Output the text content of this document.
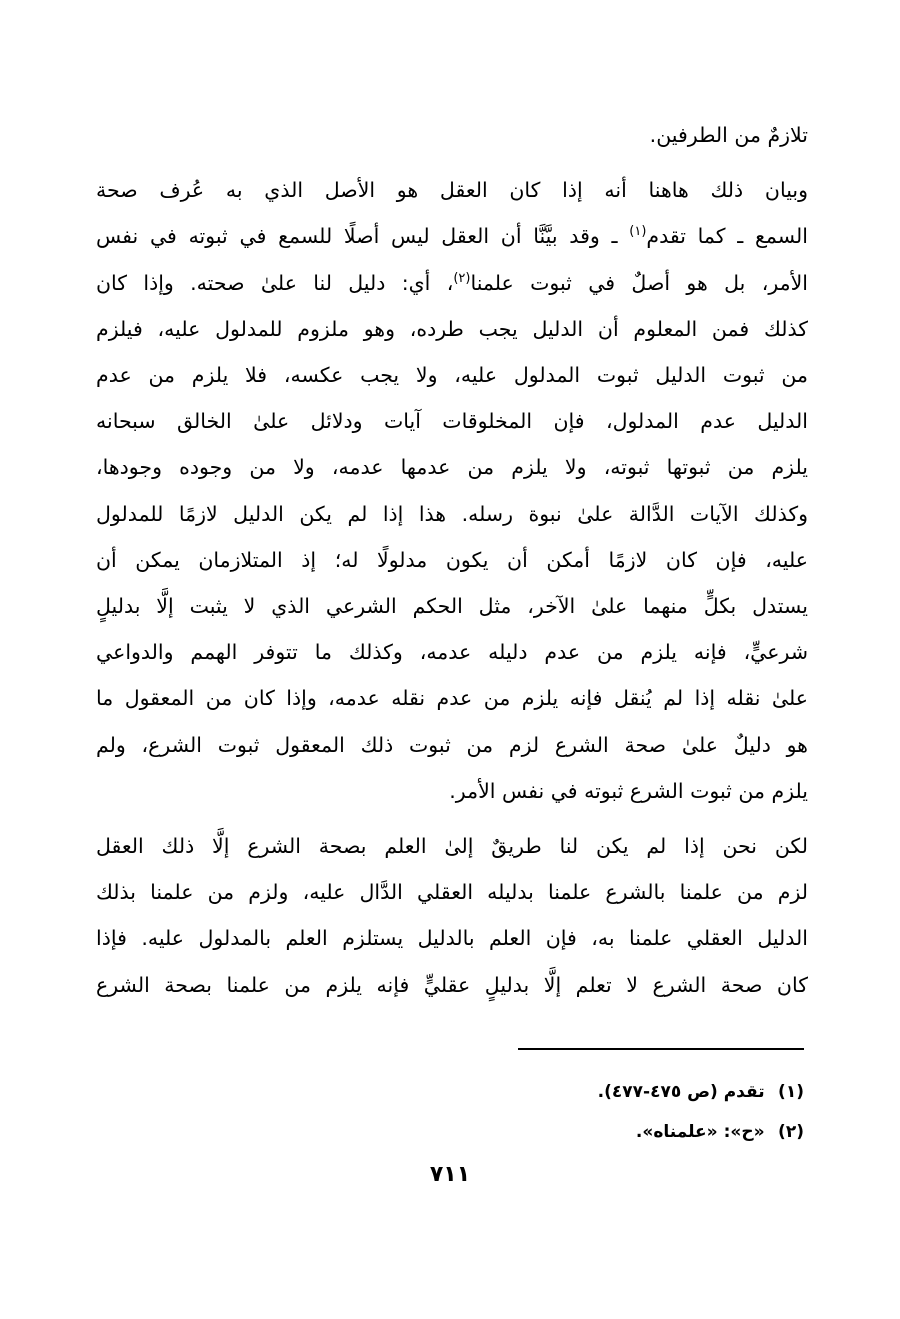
تلازمٌ من الطرفين.

وبيان ذلك هاهنا أنه إذا كان العقل هو الأصل الذي به عُرف صحة
السمع ـ كما تقدم$^{(١)}$ ـ وقد بيَّنَّا أن العقل ليس أصلًا للسمع في ثبوته في نفس
الأمر، بل هو أصلٌ في ثبوت علمنا$^{(٢)}$، أي: دليل لنا علىٰ صحته. وإذا كان
كذلك فمن المعلوم أن الدليل يجب طرده، وهو ملزوم للمدلول عليه، فيلزم
من ثبوت الدليل ثبوت المدلول عليه، ولا يجب عكسه، فلا يلزم من عدم
الدليل عدم المدلول، فإن المخلوقات آيات ودلائل علىٰ الخالق سبحانه
يلزم من ثبوتها ثبوته، ولا يلزم من عدمها عدمه، ولا من وجوده وجودها،
وكذلك الآيات الدَّالة علىٰ نبوة رسله. هذا إذا لم يكن الدليل لازمًا للمدلول
عليه، فإن كان لازمًا أمكن أن يكون مدلولًا له؛ إذ المتلازمان يمكن أن
يستدل بكلٍّ منهما علىٰ الآخر، مثل الحكم الشرعي الذي لا يثبت إلَّا بدليلٍ
شرعيٍّ، فإنه يلزم من عدم دليله عدمه، وكذلك ما تتوفر الهمم والدواعي
علىٰ نقله إذا لم يُنقل فإنه يلزم من عدم نقله عدمه، وإذا كان من المعقول ما
هو دليلٌ علىٰ صحة الشرع لزم من ثبوت ذلك المعقول ثبوت الشرع، ولم
يلزم من ثبوت الشرع ثبوته في نفس الأمر.

لكن نحن إذا لم يكن لنا طريقٌ إلىٰ العلم بصحة الشرع إلَّا ذلك العقل
لزم من علمنا بالشرع علمنا بدليله العقلي الدَّال عليه، ولزم من علمنا بذلك
الدليل العقلي علمنا به، فإن العلم بالدليل يستلزم العلم بالمدلول عليه. فإذا
كان صحة الشرع لا تعلم إلَّا بدليلٍ عقليٍّ فإنه يلزم من علمنا بصحة الشرع

(١) تقدم (ص ٤٧٥-٤٧٧).
(٢) «ح»: «علمناه».
٧١١
